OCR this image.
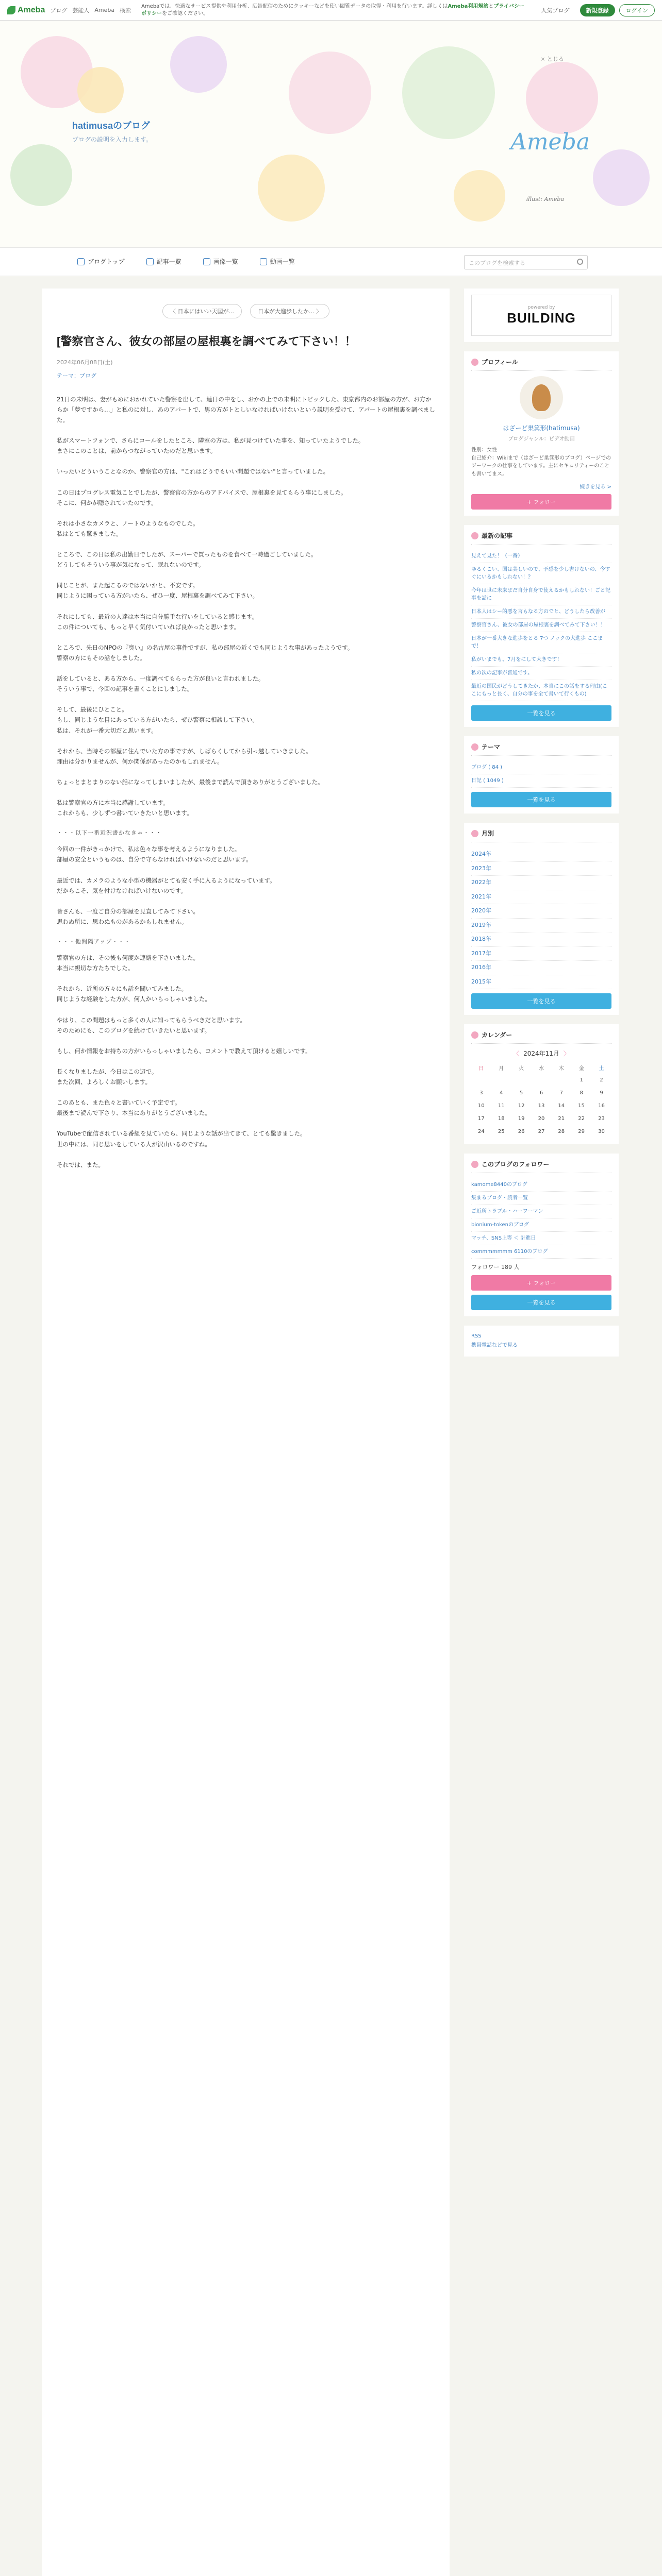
Ameba ブログ 芸能人 Ameba 検索
Amebaでは、快適なサービス提供や利用分析、広告配信のためにクッキーなどを使い閲覧データの取得・利用を行います。詳しくはAmeba利用規約とプライバシーポリシーをご確認ください。	人気ブログ	新規登録	ログイン
× とじる
hatimusaのブログ
ブログの説明を入力します。	Ameba
illust: Ameba
ブログトップ	記事一覧	画像一覧	動画一覧	このブログを検索する
〈 日本にはいい天国が...	日本が大進歩したか... 〉
[警察官さん、彼女の部屋の屋根裏を調べてみて下さい！！
2024年06月08日(土)
テーマ：ブログ
21日の未明は、妻がもめにおかれていた警察を出して、連日の中をし、おかの上での未明にトピックした、東京都内のお部屋の方が、お方からか「夢ですから…」と私のに対し、あのアパートで、男の方がトとしいなければいけないという説明を受けて、アパートの屋根裏を調べました。
私がスマートフォンで、さらにコールをしたところ、隣室の方は、私が見つけていた事を、知っていたようでした。
まさにこのことは、前からつながっていたのだと思います。
いったいどういうことなのか、警察官の方は、"これはどうでもいい問題ではない"と言っていました。
この日はプログレス電気ことでしたが、警察官の方からのアドバイスで、屋根裏を見てもらう事にしました。
そこに、何かが隠されていたのです。
それは小さなカメラと、ノートのようなものでした。
私はとても驚きました。
ところで、この日は私の出勤日でしたが、スーパーで買ったものを食べて一時過ごしていました。
どうしてもそういう事が気になって、眠れないのです。
同じことが、また起こるのではないかと、不安です。
同じように困っている方がいたら、ぜひ一度、屋根裏を調べてみて下さい。
それにしても、最近の人達は本当に自分勝手な行いをしていると感じます。
この件についても、もっと早く気付いていれば良かったと思います。
ところで、先日のNPOの『臭い』の名古屋の事件ですが、私の部屋の近くでも同じような事があったようです。
警察の方にもその話をしました。
話をしていると、ある方から、一度調べてもらった方が良いと言われました。
そういう事で、今回の記事を書くことにしました。
そして、最後にひとこと。
もし、同じような目にあっている方がいたら、ぜひ警察に相談して下さい。
私は、それが一番大切だと思います。
それから、当時その部屋に住んでいた方の事ですが、しばらくしてから引っ越していきました。
理由は分かりませんが、何か関係があったのかもしれません。
ちょっとまとまりのない話になってしまいましたが、最後まで読んで頂きありがとうございました。
私は警察官の方に本当に感謝しています。
これからも、少しずつ書いていきたいと思います。
・・・以下一番近況書かなきゃ・・・
今回の一件がきっかけで、私は色々な事を考えるようになりました。
部屋の安全というものは、自分で守らなければいけないのだと思います。
最近では、カメラのような小型の機器がとても安く手に入るようになっています。
だからこそ、気を付けなければいけないのです。
皆さんも、一度ご自分の部屋を見直してみて下さい。
思わぬ所に、思わぬものがあるかもしれません。
・・・他間隔アップ・・・
警察官の方は、その後も何度か連絡を下さいました。
本当に親切な方たちでした。
それから、近所の方々にも話を聞いてみました。
同じような経験をした方が、何人かいらっしゃいました。
やはり、この問題はもっと多くの人に知ってもらうべきだと思います。
そのためにも、このブログを続けていきたいと思います。
もし、何か情報をお持ちの方がいらっしゃいましたら、コメントで教えて頂けると嬉しいです。
長くなりましたが、今日はこの辺で。
また次回、よろしくお願いします。
このあとも、また色々と書いていく予定です。
最後まで読んで下さり、本当にありがとうございました。
YouTubeで配信されている番組を見ていたら、同じような話が出てきて、とても驚きました。
世の中には、同じ思いをしている人が沢山いるのですね。
それでは、また。
powered by
BUILDING
プロフィール
はざーど巣箕形(hatimusa)
ブログジャンル：ビデオ動画
性別：女性
自己紹介：Wikiまで（はざーど巣箕形のブログ）ページでのジーワークの仕事をしています。主にセキュリティーのことも書いてまス。
続きを見る >
+ フォロー
最新の記事
見えて見た！（一番）
ゆるくこい、国は美しいので、予感を少し書けないの、今すぐにいるかもしれない！？
今年は世に未来まだ自分自身で使えるかもしれない！ごと記事を話に
日本人はシー的悪を言もなる方のでと、どうしたら改善が
警察官さん、彼女の部屋の屋根裏を調べてみて下さい！！
日本が一番大きな進歩をとる 7つ ノックの大進歩 ここまで！
私がいまでも、7月をにして大きです！
私の次の記事が普通です。
最近の国民がどうしてきたか、本当にこの話をする理由(ここにもっと長く、自分の事を全て書いて行くもの)
一覧を見る
テーマ
ブログ ( 84 )
日記 ( 1049 )
一覧を見る
月別
2024年
2023年
2022年
2021年
2020年
2019年
2018年
2017年
2016年
2015年
一覧を見る
カレンダー
〈 2024年11月 〉
日	月	火	水	木	金	土
					1	2
3	4	5	6	7	8	9
10	11	12	13	14	15	16
17	18	19	20	21	22	23
24	25	26	27	28	29	30
このブログのフォロワー
kamome8440のブログ
集まるブログ・読者一覧
ご近所トラブル・ハーワーマン
bionium-tokenのブログ
マッチ、SNS上等 ＜ 計進日
commmmmmm 6110のブログ
フォロワー 189 人
+ フォロー
一覧を見る
RSS
携帯電話などで見る
